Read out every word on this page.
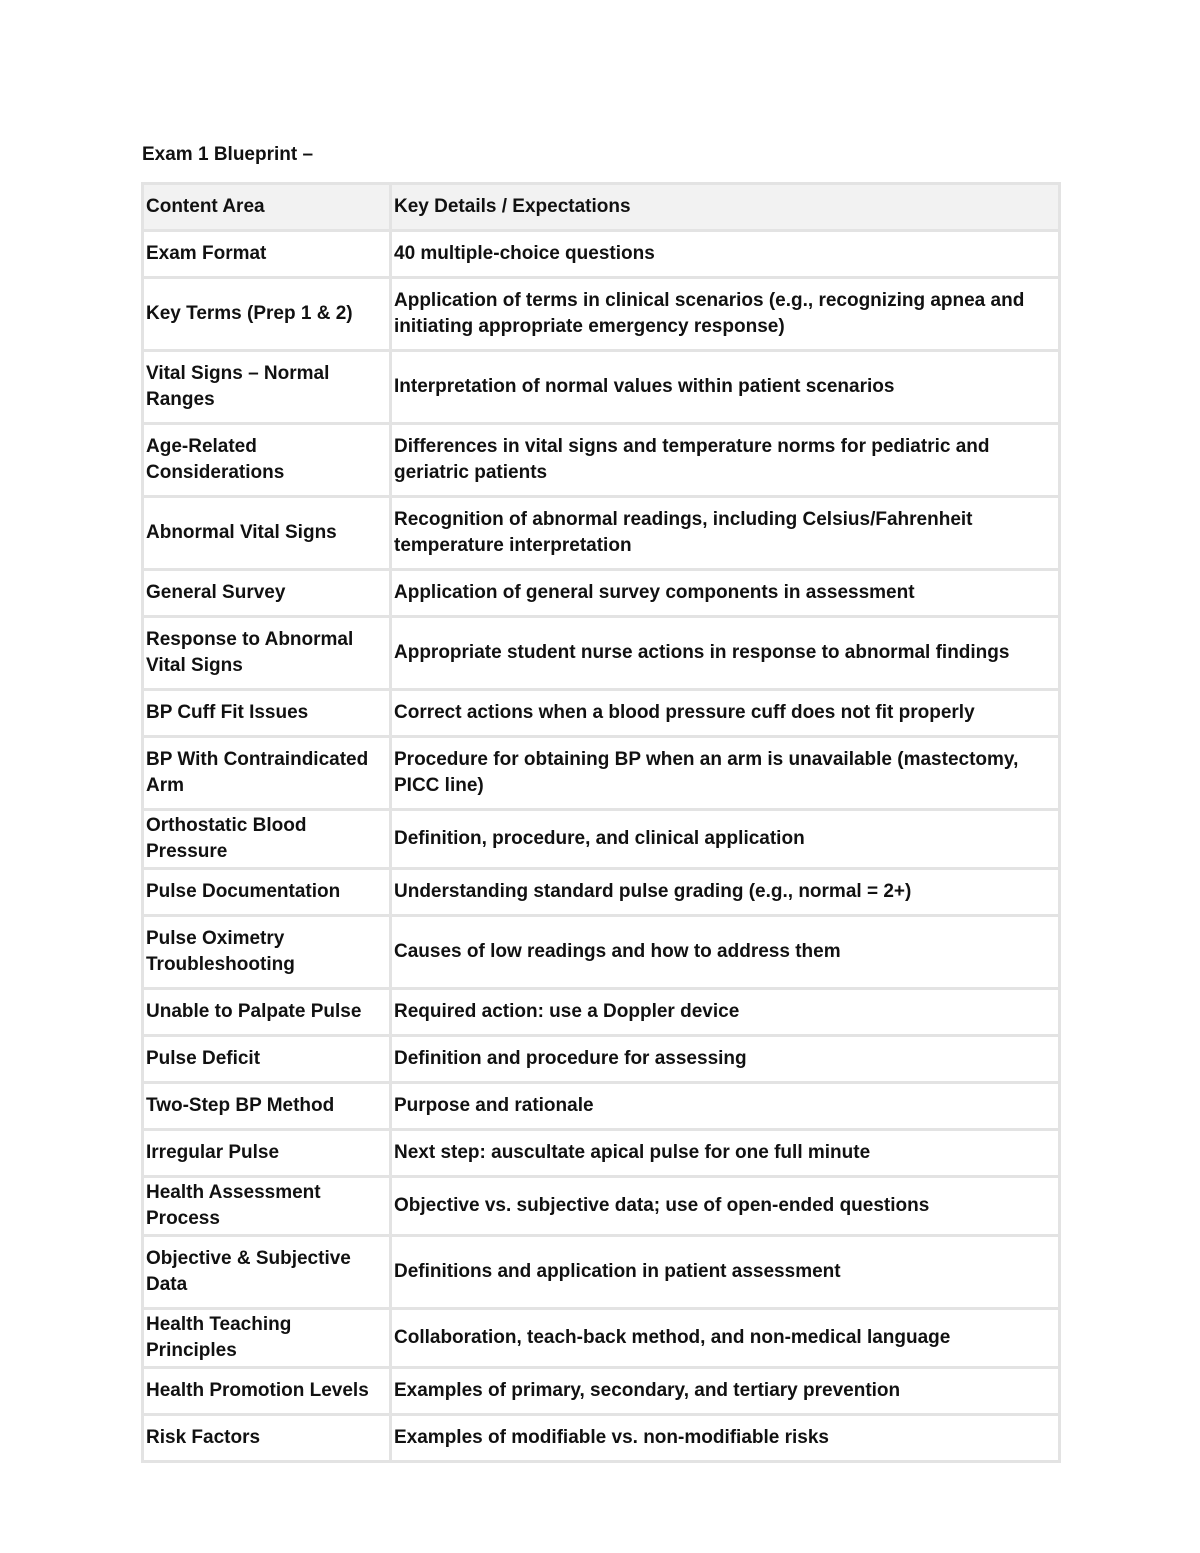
Exam 1 Blueprint –
Content Area	Key Details / Expectations
Exam Format	40 multiple-choice questions
Key Terms (Prep 1 & 2)	Application of terms in clinical scenarios (e.g., recognizing apnea and initiating appropriate emergency response)
Vital Signs – Normal Ranges	Interpretation of normal values within patient scenarios
Age-Related Considerations	Differences in vital signs and temperature norms for pediatric and geriatric patients
Abnormal Vital Signs	Recognition of abnormal readings, including Celsius/Fahrenheit temperature interpretation
General Survey	Application of general survey components in assessment
Response to Abnormal Vital Signs	Appropriate student nurse actions in response to abnormal findings
BP Cuff Fit Issues	Correct actions when a blood pressure cuff does not fit properly
BP With Contraindicated Arm	Procedure for obtaining BP when an arm is unavailable (mastectomy, PICC line)
Orthostatic Blood Pressure	Definition, procedure, and clinical application
Pulse Documentation	Understanding standard pulse grading (e.g., normal = 2+)
Pulse Oximetry Troubleshooting	Causes of low readings and how to address them
Unable to Palpate Pulse	Required action: use a Doppler device
Pulse Deficit	Definition and procedure for assessing
Two-Step BP Method	Purpose and rationale
Irregular Pulse	Next step: auscultate apical pulse for one full minute
Health Assessment Process	Objective vs. subjective data; use of open-ended questions
Objective & Subjective Data	Definitions and application in patient assessment
Health Teaching Principles	Collaboration, teach-back method, and non-medical language
Health Promotion Levels	Examples of primary, secondary, and tertiary prevention
Risk Factors	Examples of modifiable vs. non-modifiable risks
